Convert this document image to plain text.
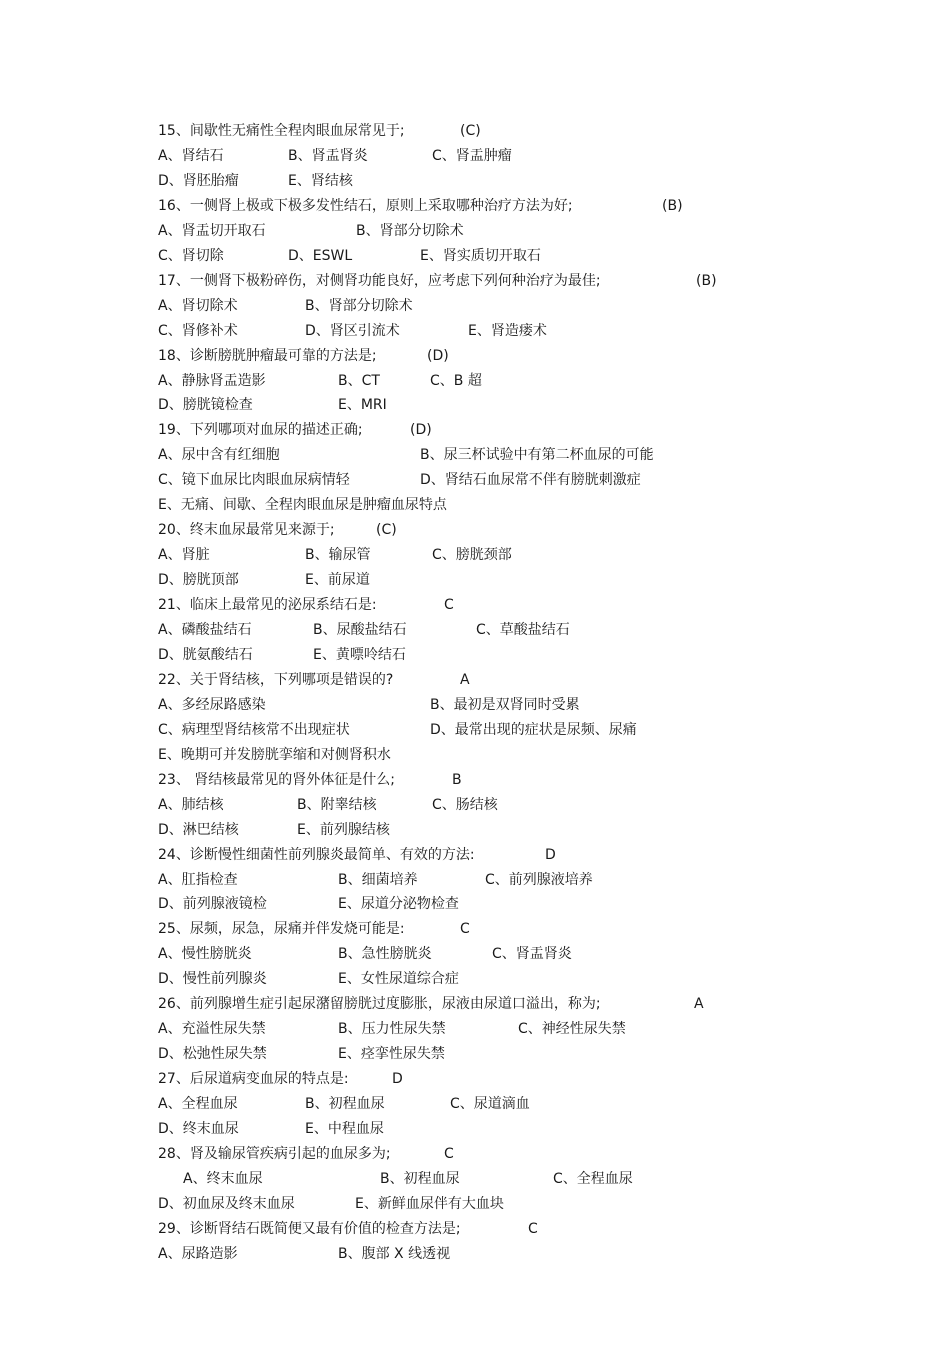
15、间歇性无痛性全程肉眼血尿常见于;	(C)
A、肾结石	B、肾盂肾炎	C、肾盂肿瘤
D、肾胚胎瘤	E、肾结核
16、一侧肾上极或下极多发性结石，原则上采取哪种治疗方法为好;	(B)
A、肾盂切开取石	B、肾部分切除术
C、肾切除	D、ESWL	E、肾实质切开取石
17、一侧肾下极粉碎伤，对侧肾功能良好，应考虑下列何种治疗为最佳;	(B)
A、肾切除术	B、肾部分切除术
C、肾修补术	D、肾区引流术	E、肾造瘘术
18、诊断膀胱肿瘤最可靠的方法是;	(D)
A、静脉肾盂造影	B、CT	C、B 超
D、膀胱镜检查	E、MRI
19、下列哪项对血尿的描述正确;	(D)
A、尿中含有红细胞	B、尿三杯试验中有第二杯血尿的可能
C、镜下血尿比肉眼血尿病情轻	D、肾结石血尿常不伴有膀胱刺激症
E、无痛、间歇、全程肉眼血尿是肿瘤血尿特点
20、终末血尿最常见来源于;	(C)
A、肾脏	B、输尿管	C、膀胱颈部
D、膀胱顶部	E、前尿道
21、临床上最常见的泌尿系结石是:	C
A、磷酸盐结石	B、尿酸盐结石	C、草酸盐结石
D、胱氨酸结石	E、黄嘌呤结石
22、关于肾结核，下列哪项是错误的?	A
A、多经尿路感染	B、最初是双肾同时受累
C、病理型肾结核常不出现症状	D、最常出现的症状是尿频、尿痛
E、晚期可并发膀胱挛缩和对侧肾积水
23、 肾结核最常见的肾外体征是什么;	B
A、肺结核	B、附睾结核	C、肠结核
D、淋巴结核	E、前列腺结核
24、诊断慢性细菌性前列腺炎最简单、有效的方法:	D
A、肛指检查	B、细菌培养	C、前列腺液培养
D、前列腺液镜检	E、尿道分泌物检查
25、尿频，尿急，尿痛并伴发烧可能是:	C
A、慢性膀胱炎	B、急性膀胱炎	C、肾盂肾炎
D、慢性前列腺炎	E、女性尿道综合症
26、前列腺增生症引起尿潴留膀胱过度膨胀，尿液由尿道口溢出，称为;	A
A、充溢性尿失禁	B、压力性尿失禁	C、神经性尿失禁
D、松弛性尿失禁	E、痉挛性尿失禁
27、后尿道病变血尿的特点是:	D
A、全程血尿	B、初程血尿	C、尿道滴血
D、终末血尿	E、中程血尿
28、肾及输尿管疾病引起的血尿多为;	C
A、终末血尿	B、初程血尿	C、全程血尿
D、初血尿及终末血尿	E、新鲜血尿伴有大血块
29、诊断肾结石既简便又最有价值的检查方法是;	C
A、尿路造影	B、腹部 X 线透视
